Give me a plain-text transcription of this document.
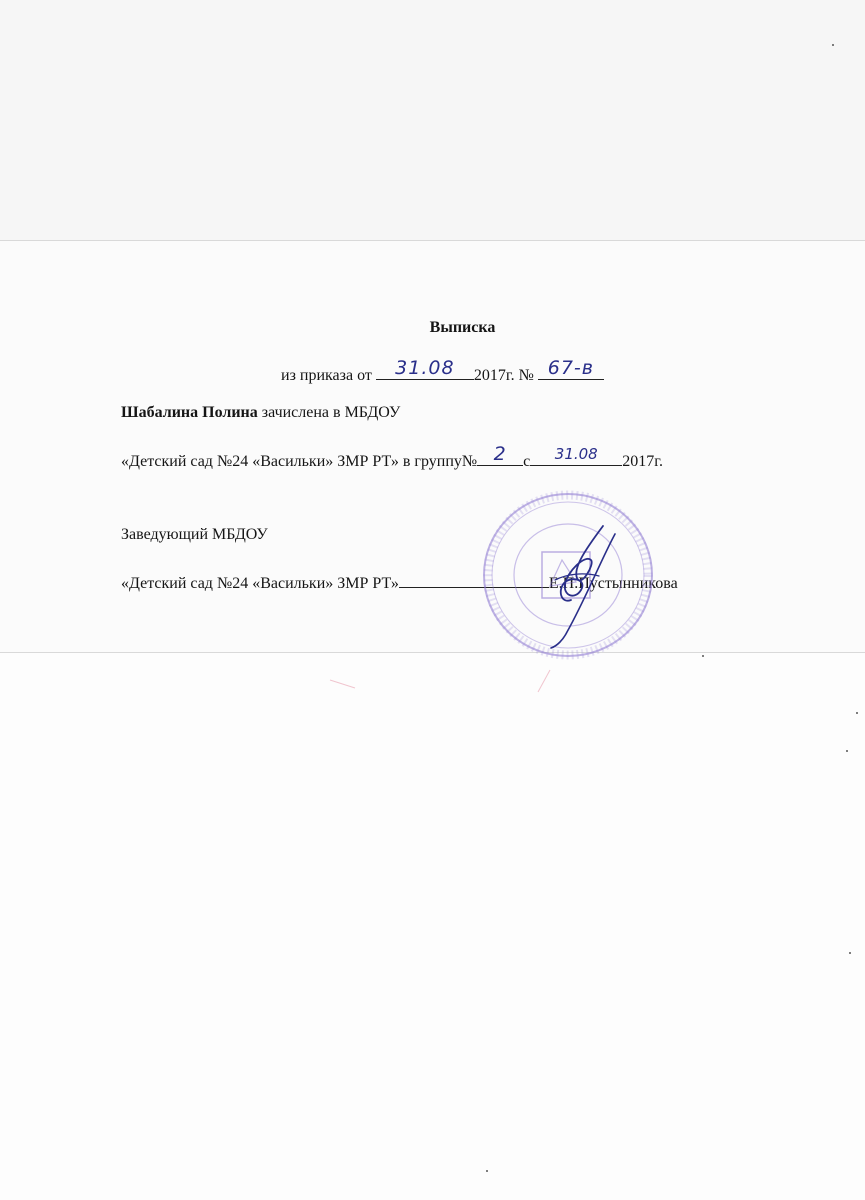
Выписка
из приказа от	31.08	2017г. № 67-в
Шабалина Полина зачислена в МБДОУ
«Детский сад №24 «Васильки» ЗМР РТ» в группу№ 2	с	31.08	2017г.
Заведующий МБДОУ
«Детский сад №24 «Васильки» ЗМР РТ»	Е.П.Пустынникова
